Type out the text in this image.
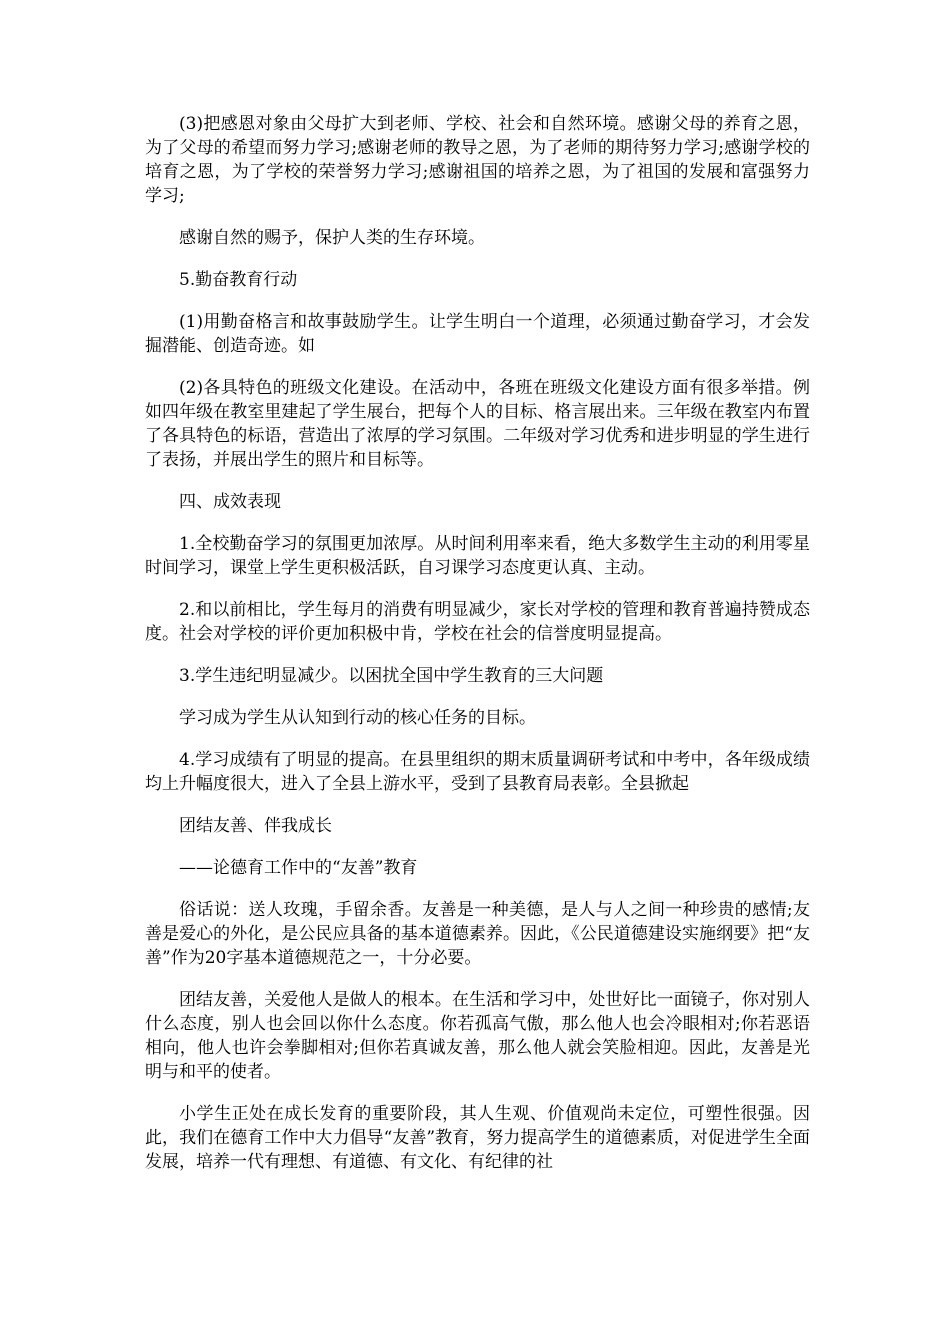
(3)把感恩对象由父母扩大到老师、学校、社会和自然环境。感谢父母的养育之恩，为了父母的希望而努力学习;感谢老师的教导之恩，为了老师的期待努力学习;感谢学校的培育之恩，为了学校的荣誉努力学习;感谢祖国的培养之恩，为了祖国的发展和富强努力学习;

感谢自然的赐予，保护人类的生存环境。

5.勤奋教育行动

(1)用勤奋格言和故事鼓励学生。让学生明白一个道理，必须通过勤奋学习，才会发掘潜能、创造奇迹。如

(2)各具特色的班级文化建设。在活动中，各班在班级文化建设方面有很多举措。例如四年级在教室里建起了学生展台，把每个人的目标、格言展出来。三年级在教室内布置了各具特色的标语，营造出了浓厚的学习氛围。二年级对学习优秀和进步明显的学生进行了表扬，并展出学生的照片和目标等。

四、成效表现

1.全校勤奋学习的氛围更加浓厚。从时间利用率来看，绝大多数学生主动的利用零星时间学习，课堂上学生更积极活跃，自习课学习态度更认真、主动。

2.和以前相比，学生每月的消费有明显减少，家长对学校的管理和教育普遍持赞成态度。社会对学校的评价更加积极中肯，学校在社会的信誉度明显提高。

3.学生违纪明显减少。以困扰全国中学生教育的三大问题

学习成为学生从认知到行动的核心任务的目标。

4.学习成绩有了明显的提高。在县里组织的期末质量调研考试和中考中，各年级成绩均上升幅度很大，进入了全县上游水平，受到了县教育局表彰。全县掀起

团结友善、伴我成长

——论德育工作中的“友善”教育

俗话说：送人玫瑰，手留余香。友善是一种美德，是人与人之间一种珍贵的感情;友善是爱心的外化，是公民应具备的基本道德素养。因此，《公民道德建设实施纲要》把“友善”作为20字基本道德规范之一，十分必要。

团结友善，关爱他人是做人的根本。在生活和学习中，处世好比一面镜子，你对别人什么态度，别人也会回以你什么态度。你若孤高气傲，那么他人也会冷眼相对;你若恶语相向，他人也许会拳脚相对;但你若真诚友善，那么他人就会笑脸相迎。因此，友善是光明与和平的使者。

小学生正处在成长发育的重要阶段，其人生观、价值观尚未定位，可塑性很强。因此，我们在德育工作中大力倡导“友善”教育，努力提高学生的道德素质，对促进学生全面发展，培养一代有理想、有道德、有文化、有纪律的社
